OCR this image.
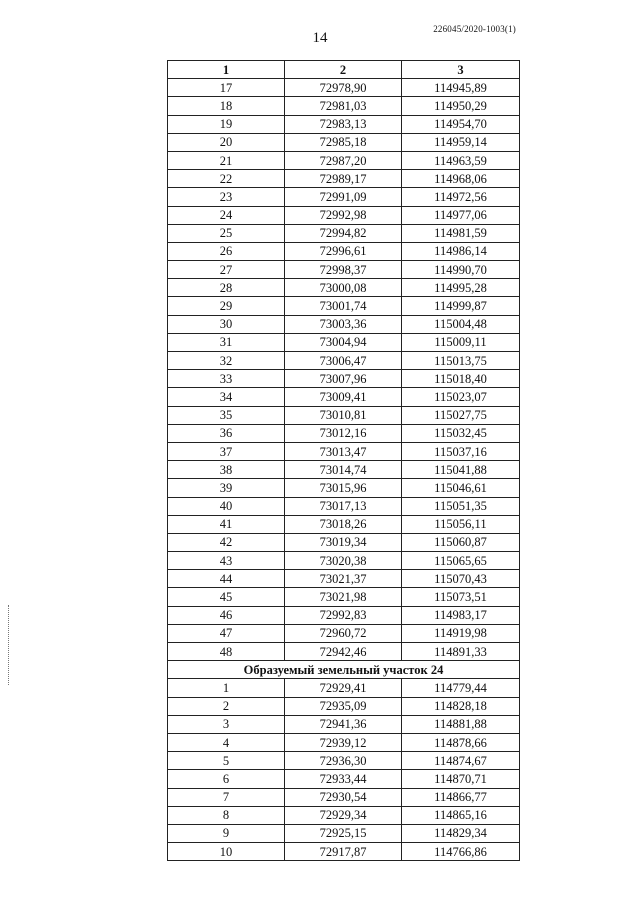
226045/2020-1003(1)
14
1	2	3
17	72978,90	114945,89
18	72981,03	114950,29
19	72983,13	114954,70
20	72985,18	114959,14
21	72987,20	114963,59
22	72989,17	114968,06
23	72991,09	114972,56
24	72992,98	114977,06
25	72994,82	114981,59
26	72996,61	114986,14
27	72998,37	114990,70
28	73000,08	114995,28
29	73001,74	114999,87
30	73003,36	115004,48
31	73004,94	115009,11
32	73006,47	115013,75
33	73007,96	115018,40
34	73009,41	115023,07
35	73010,81	115027,75
36	73012,16	115032,45
37	73013,47	115037,16
38	73014,74	115041,88
39	73015,96	115046,61
40	73017,13	115051,35
41	73018,26	115056,11
42	73019,34	115060,87
43	73020,38	115065,65
44	73021,37	115070,43
45	73021,98	115073,51
46	72992,83	114983,17
47	72960,72	114919,98
48	72942,46	114891,33
Образуемый земельный участок 24		
1	72929,41	114779,44
2	72935,09	114828,18
3	72941,36	114881,88
4	72939,12	114878,66
5	72936,30	114874,67
6	72933,44	114870,71
7	72930,54	114866,77
8	72929,34	114865,16
9	72925,15	114829,34
10	72917,87	114766,86
